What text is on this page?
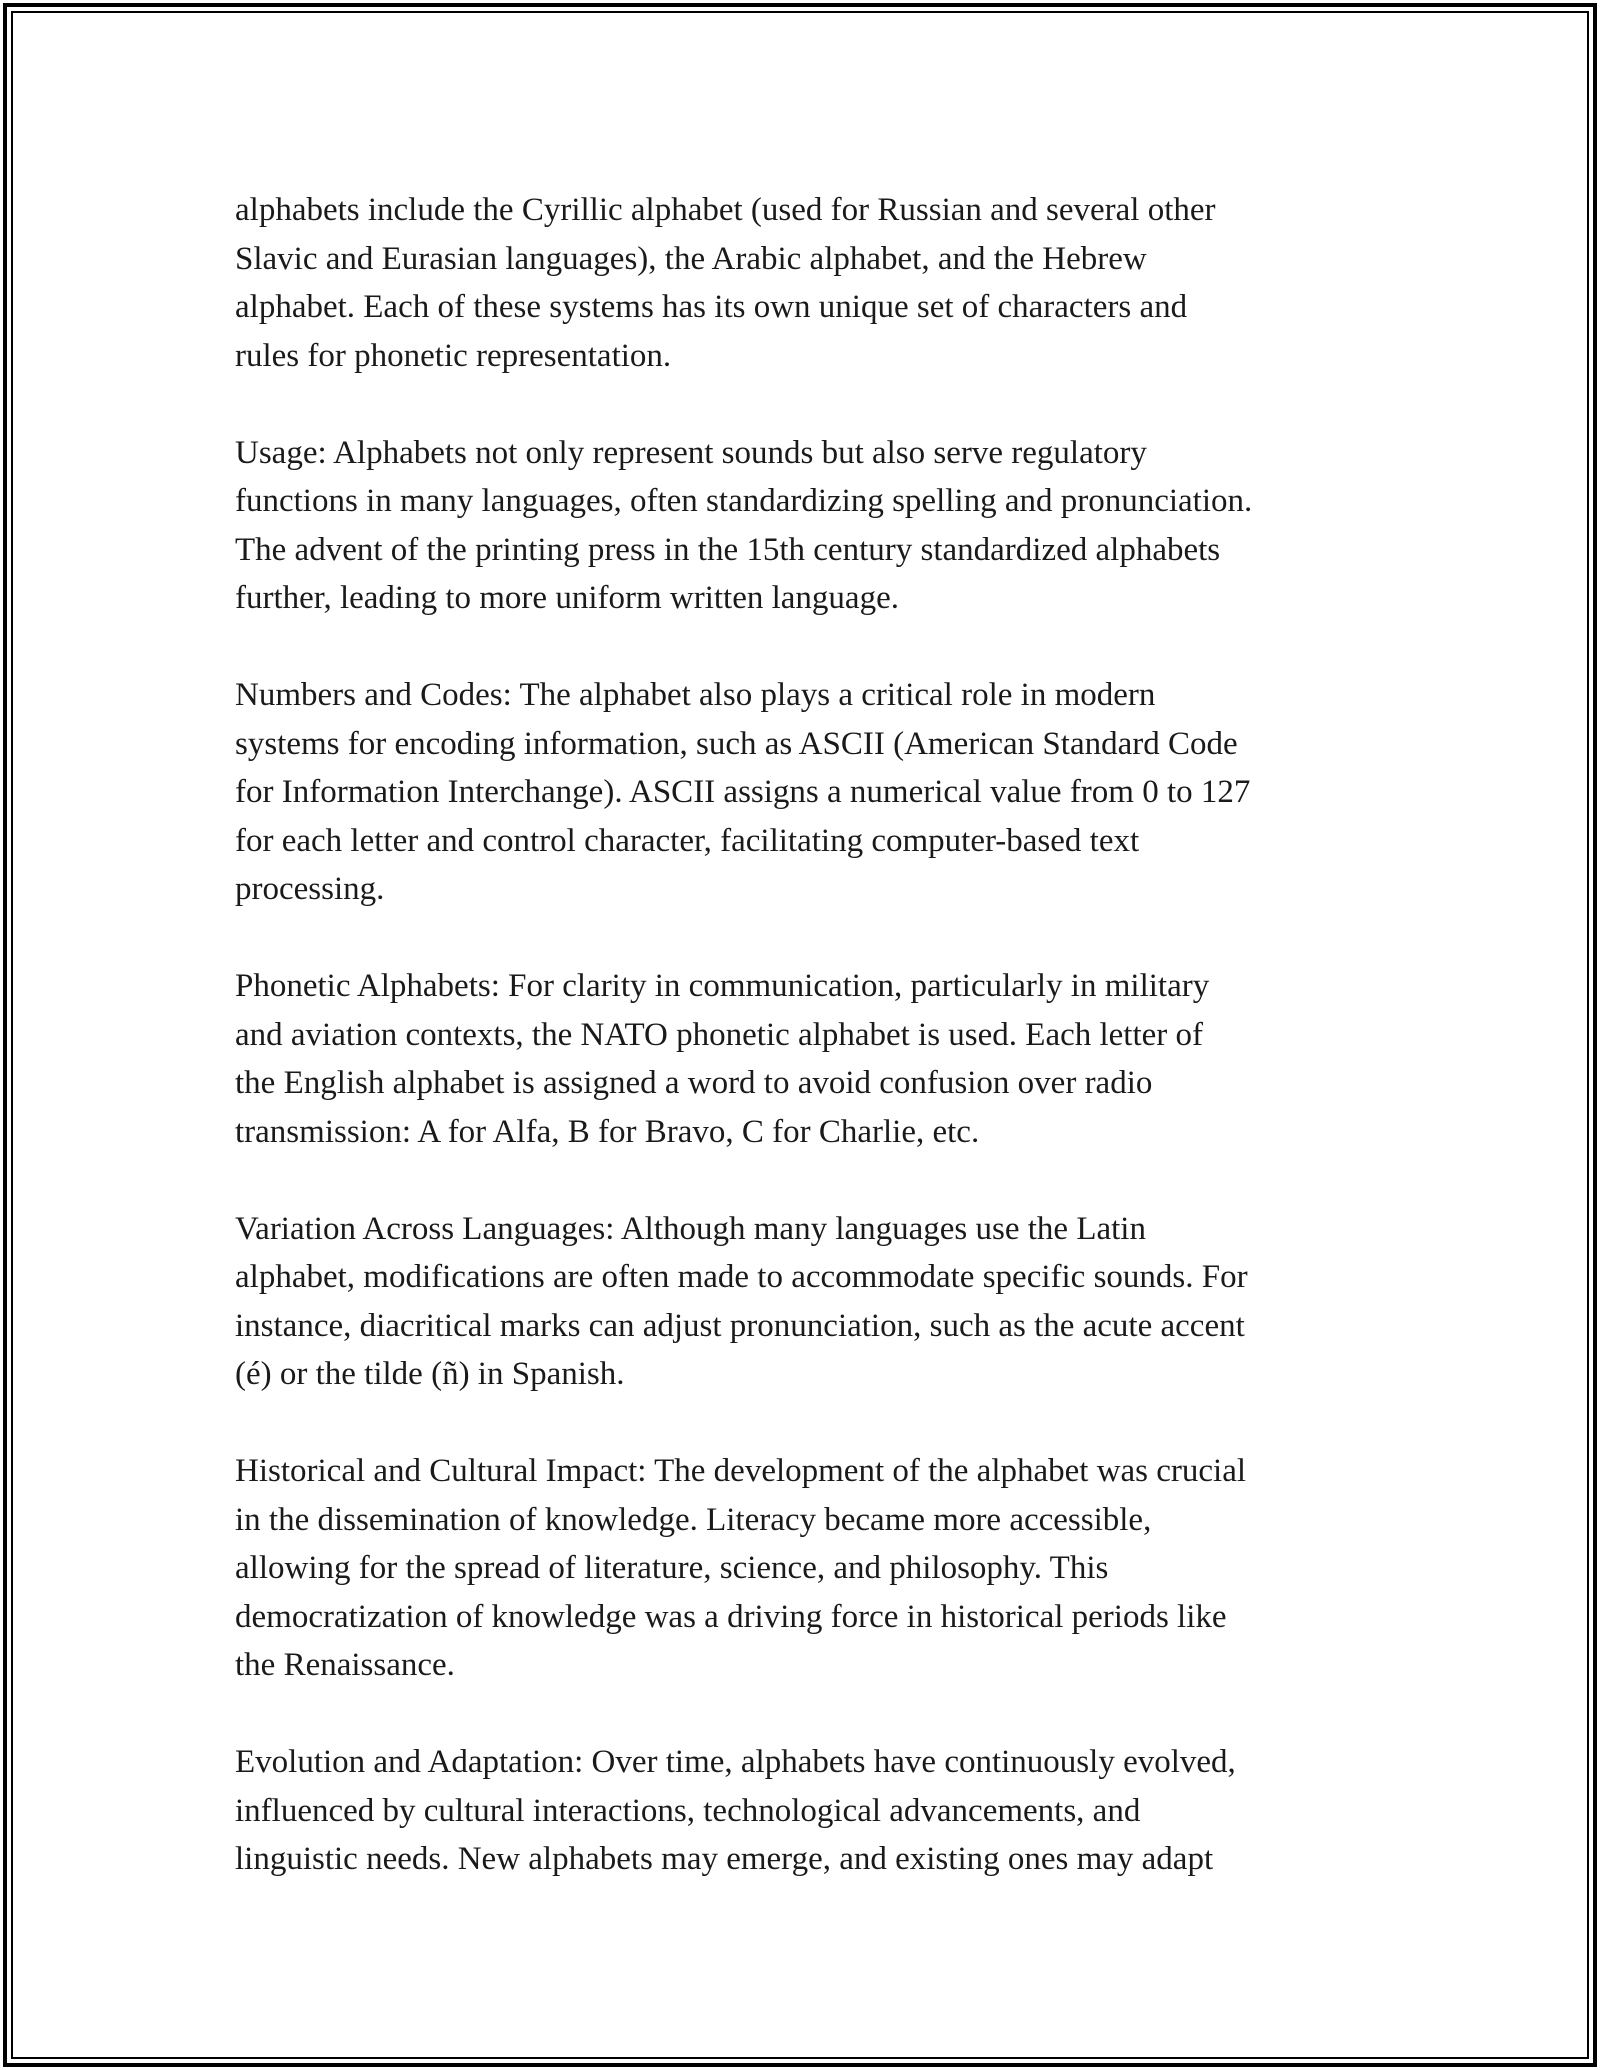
alphabets include the Cyrillic alphabet (used for Russian and several other
Slavic and Eurasian languages), the Arabic alphabet, and the Hebrew
alphabet. Each of these systems has its own unique set of characters and
rules for phonetic representation.

Usage: Alphabets not only represent sounds but also serve regulatory
functions in many languages, often standardizing spelling and pronunciation.
The advent of the printing press in the 15th century standardized alphabets
further, leading to more uniform written language.

Numbers and Codes: The alphabet also plays a critical role in modern
systems for encoding information, such as ASCII (American Standard Code
for Information Interchange). ASCII assigns a numerical value from 0 to 127
for each letter and control character, facilitating computer-based text
processing.

Phonetic Alphabets: For clarity in communication, particularly in military
and aviation contexts, the NATO phonetic alphabet is used. Each letter of
the English alphabet is assigned a word to avoid confusion over radio
transmission: A for Alfa, B for Bravo, C for Charlie, etc.

Variation Across Languages: Although many languages use the Latin
alphabet, modifications are often made to accommodate specific sounds. For
instance, diacritical marks can adjust pronunciation, such as the acute accent
(é) or the tilde (ñ) in Spanish.

Historical and Cultural Impact: The development of the alphabet was crucial
in the dissemination of knowledge. Literacy became more accessible,
allowing for the spread of literature, science, and philosophy. This
democratization of knowledge was a driving force in historical periods like
the Renaissance.

Evolution and Adaptation: Over time, alphabets have continuously evolved,
influenced by cultural interactions, technological advancements, and
linguistic needs. New alphabets may emerge, and existing ones may adapt
